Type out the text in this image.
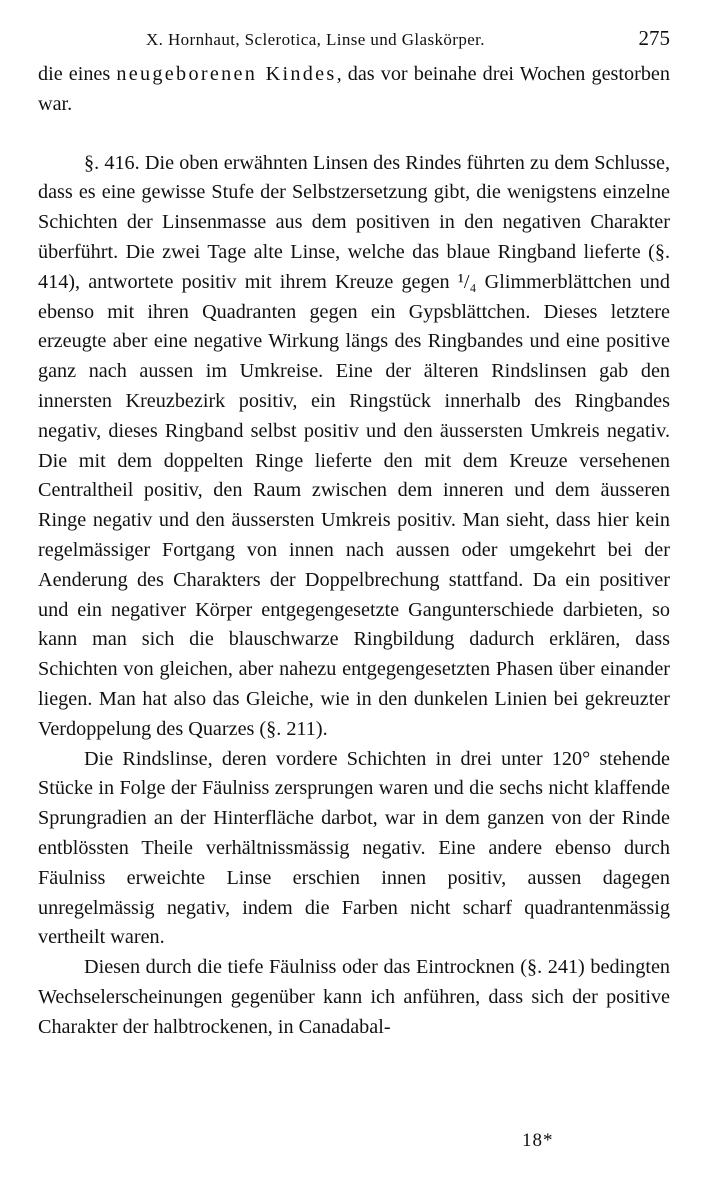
X. Hornhaut, Sclerotica, Linse und Glaskörper.	275

die eines neugeborenen Kindes, das vor beinahe drei Wochen gestorben war.

§. 416. Die oben erwähnten Linsen des Rindes führten zu dem Schlusse, dass es eine gewisse Stufe der Selbstzersetzung gibt, die wenigstens einzelne Schichten der Linsenmasse aus dem positiven in den negativen Charakter überführt. Die zwei Tage alte Linse, welche das blaue Ringband lieferte (§. 414), antwortete positiv mit ihrem Kreuze gegen ¹/₄ Glimmerblättchen und ebenso mit ihren Quadranten gegen ein Gypsblättchen. Dieses letztere erzeugte aber eine negative Wirkung längs des Ringbandes und eine positive ganz nach aussen im Umkreise. Eine der älteren Rindslinsen gab den innersten Kreuzbezirk positiv, ein Ringstück innerhalb des Ringbandes negativ, dieses Ringband selbst positiv und den äussersten Umkreis negativ. Die mit dem doppelten Ringe lieferte den mit dem Kreuze versehenen Centraltheil positiv, den Raum zwischen dem inneren und dem äusseren Ringe negativ und den äussersten Umkreis positiv. Man sieht, dass hier kein regelmässiger Fortgang von innen nach aussen oder umgekehrt bei der Aenderung des Charakters der Doppelbrechung stattfand. Da ein positiver und ein negativer Körper entgegengesetzte Gangunterschiede darbieten, so kann man sich die blauschwarze Ringbildung dadurch erklären, dass Schichten von gleichen, aber nahezu entgegengesetzten Phasen über einander liegen. Man hat also das Gleiche, wie in den dunkelen Linien bei gekreuzter Verdoppelung des Quarzes (§. 211).

Die Rindslinse, deren vordere Schichten in drei unter 120° stehende Stücke in Folge der Fäulniss zersprungen waren und die sechs nicht klaffende Sprungradien an der Hinterfläche darbot, war in dem ganzen von der Rinde entblössten Theile verhältnissmässig negativ. Eine andere ebenso durch Fäulniss erweichte Linse erschien innen positiv, aussen dagegen unregelmässig negativ, indem die Farben nicht scharf quadrantenmässig vertheilt waren.

Diesen durch die tiefe Fäulniss oder das Eintrocknen (§. 241) bedingten Wechselerscheinungen gegenüber kann ich anführen, dass sich der positive Charakter der halbtrockenen, in Canadabal-

18*
